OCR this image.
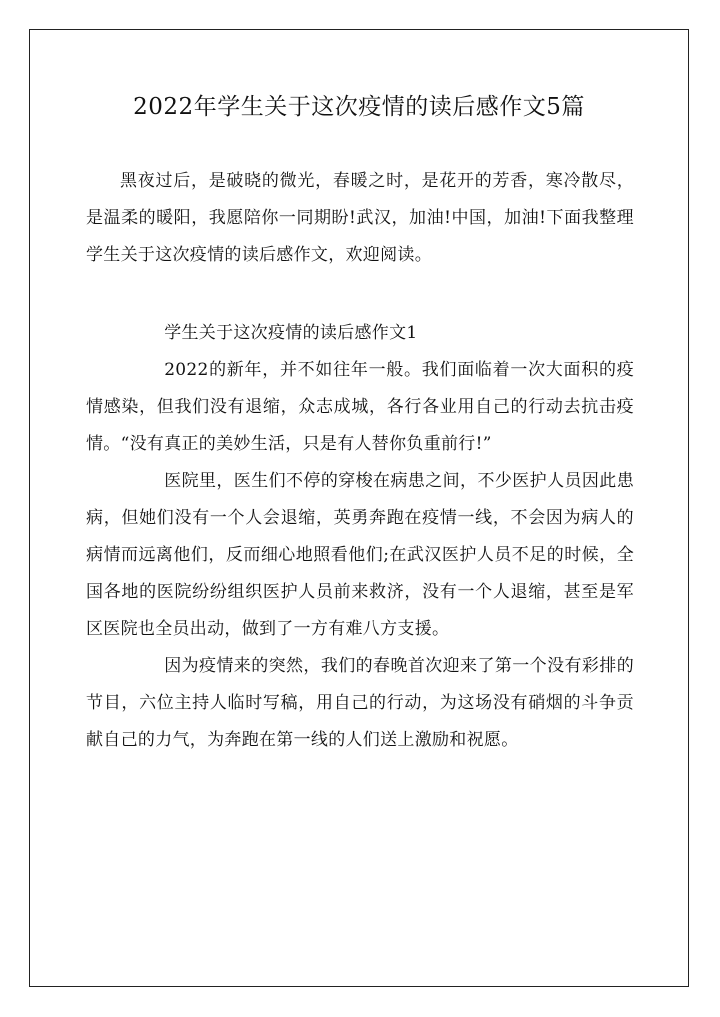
2022年学生关于这次疫情的读后感作文5篇

黑夜过后，是破晓的微光，春暖之时，是花开的芳香，寒冷散尽，是温柔的暖阳，我愿陪你一同期盼!武汉，加油!中国，加油!下面我整理学生关于这次疫情的读后感作文，欢迎阅读。

学生关于这次疫情的读后感作文1

2022的新年，并不如往年一般。我们面临着一次大面积的疫情感染，但我们没有退缩，众志成城，各行各业用自己的行动去抗击疫情。“没有真正的美妙生活，只是有人替你负重前行!”

医院里，医生们不停的穿梭在病患之间，不少医护人员因此患病，但她们没有一个人会退缩，英勇奔跑在疫情一线，不会因为病人的病情而远离他们，反而细心地照看他们;在武汉医护人员不足的时候，全国各地的医院纷纷组织医护人员前来救济，没有一个人退缩，甚至是军区医院也全员出动，做到了一方有难八方支援。

因为疫情来的突然，我们的春晚首次迎来了第一个没有彩排的节目，六位主持人临时写稿，用自己的行动，为这场没有硝烟的斗争贡献自己的力气，为奔跑在第一线的人们送上激励和祝愿。
